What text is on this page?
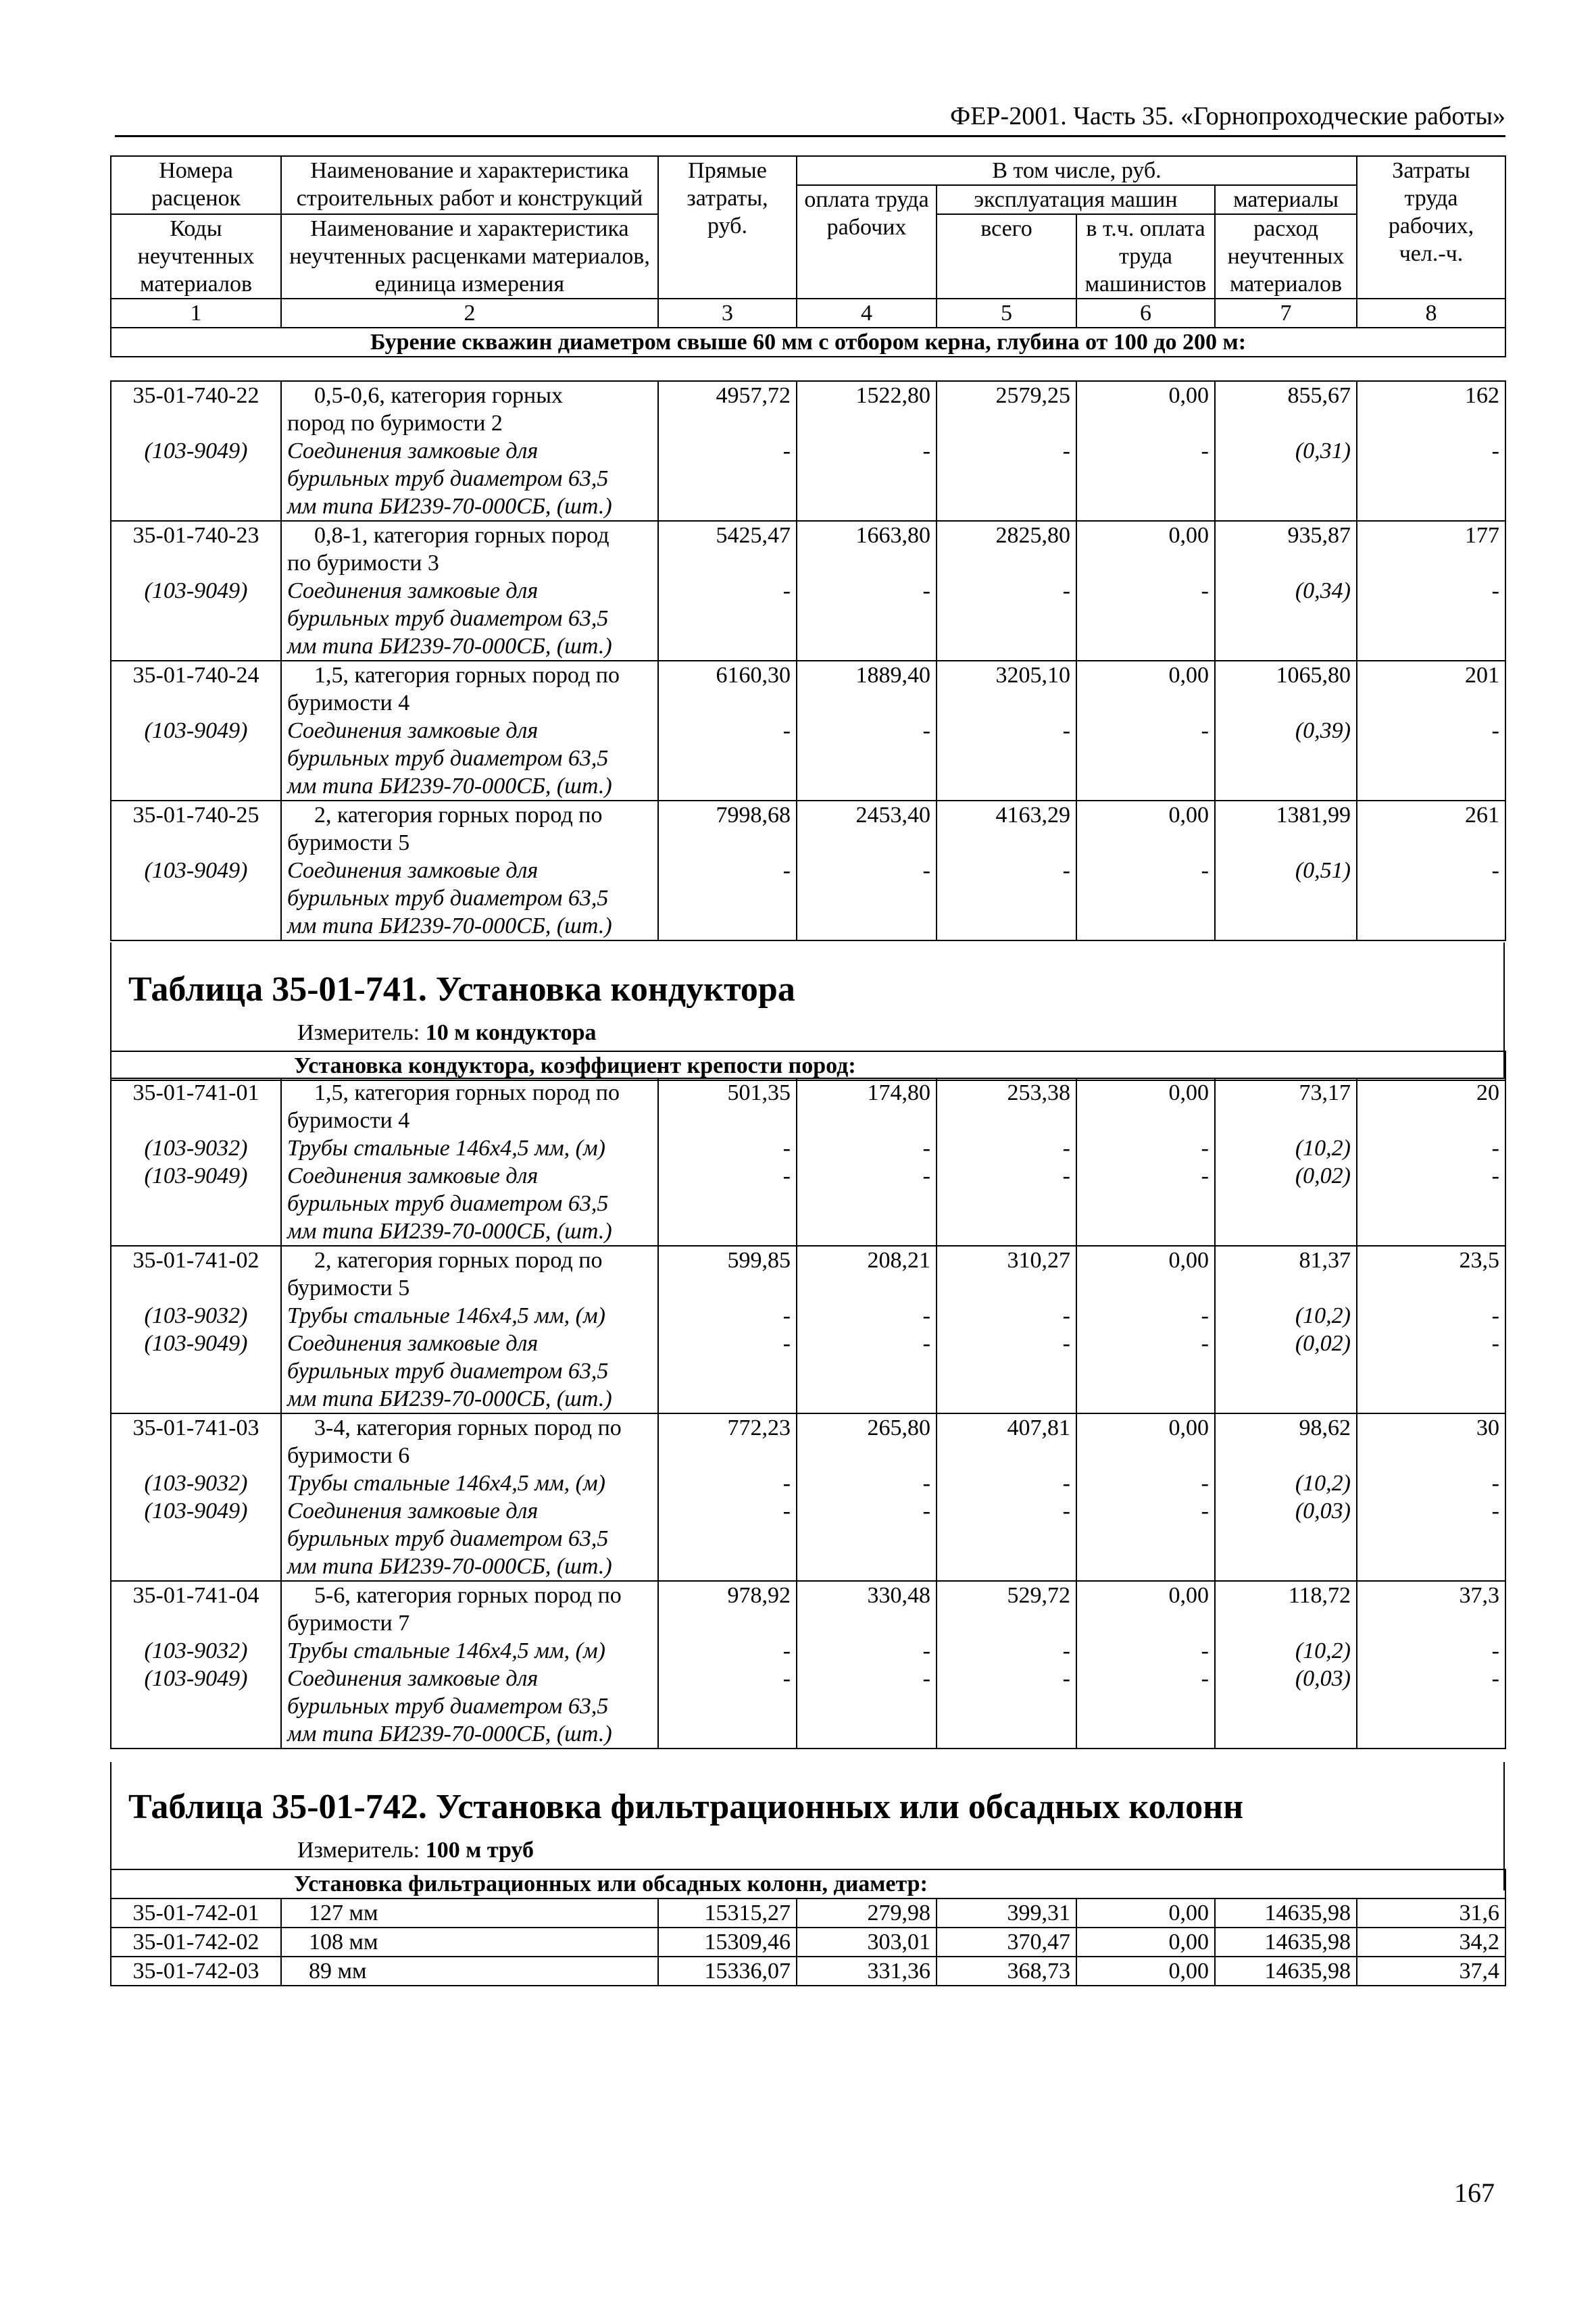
ФЕР-2001. Часть 35. «Горнопроходческие работы»
Номера расценок	Наименование и характеристика строительных работ и конструкций	Прямые затраты, руб.	В том числе, руб.				Затраты труда рабочих, чел.-ч.
			оплата труда рабочих	эксплуатация машин		материалы	
Коды неучтенных материалов	Наименование и характеристика неучтенных расценками материалов, единица измерения			всего	в т.ч. оплата труда машинистов	расход неучтенных материалов	

1	2	3	4	5	6	7	8
Бурение скважин диаметром свыше 60 мм с отбором керна, глубина от 100 до 200 м:							
35-01-740-22	0,5-0,6, категория горных	4957,72	1522,80	2579,25	0,00	855,67	162
	пород по буримости 2						
(103-9049)	Соединения замковые для	-	-	-	-	(0,31)	-
	бурильных труб диаметром 63,5						
	мм типа БИ239-70-000СБ, (шт.)						
35-01-740-23	0,8-1, категория горных пород	5425,47	1663,80	2825,80	0,00	935,87	177
	по буримости 3						
(103-9049)	Соединения замковые для	-	-	-	-	(0,34)	-
	бурильных труб диаметром 63,5						
	мм типа БИ239-70-000СБ, (шт.)						
35-01-740-24	1,5, категория горных пород по	6160,30	1889,40	3205,10	0,00	1065,80	201
	буримости 4						
(103-9049)	Соединения замковые для	-	-	-	-	(0,39)	-
	бурильных труб диаметром 63,5						
	мм типа БИ239-70-000СБ, (шт.)						
35-01-740-25	2, категория горных пород по	7998,68	2453,40	4163,29	0,00	1381,99	261
	буримости 5						
(103-9049)	Соединения замковые для	-	-	-	-	(0,51)	-
	бурильных труб диаметром 63,5						
	мм типа БИ239-70-000СБ, (шт.)						
Таблица 35-01-741. Установка кондуктора
Измеритель: 10 м кондуктора
Установка кондуктора, коэффициент крепости пород:
35-01-741-01	1,5, категория горных пород по	501,35	174,80	253,38	0,00	73,17	20
	буримости 4						
(103-9032)	Трубы стальные 146х4,5 мм, (м)	-	-	-	-	(10,2)	-
(103-9049)	Соединения замковые для	-	-	-	-	(0,02)	-
	бурильных труб диаметром 63,5						
	мм типа БИ239-70-000СБ, (шт.)						
35-01-741-02	2, категория горных пород по	599,85	208,21	310,27	0,00	81,37	23,5
	буримости 5						
(103-9032)	Трубы стальные 146х4,5 мм, (м)	-	-	-	-	(10,2)	-
(103-9049)	Соединения замковые для	-	-	-	-	(0,02)	-
	бурильных труб диаметром 63,5						
	мм типа БИ239-70-000СБ, (шт.)						
35-01-741-03	3-4, категория горных пород по	772,23	265,80	407,81	0,00	98,62	30
	буримости 6						
(103-9032)	Трубы стальные 146х4,5 мм, (м)	-	-	-	-	(10,2)	-
(103-9049)	Соединения замковые для	-	-	-	-	(0,03)	-
	бурильных труб диаметром 63,5						
	мм типа БИ239-70-000СБ, (шт.)						
35-01-741-04	5-6, категория горных пород по	978,92	330,48	529,72	0,00	118,72	37,3
	буримости 7						
(103-9032)	Трубы стальные 146х4,5 мм, (м)	-	-	-	-	(10,2)	-
(103-9049)	Соединения замковые для	-	-	-	-	(0,03)	-
	бурильных труб диаметром 63,5						
	мм типа БИ239-70-000СБ, (шт.)						
Таблица 35-01-742. Установка фильтрационных или обсадных колонн
Измеритель: 100 м труб
Установка фильтрационных или обсадных колонн, диаметр:							
35-01-742-01	127 мм	15315,27	279,98	399,31	0,00	14635,98	31,6
35-01-742-02	108 мм	15309,46	303,01	370,47	0,00	14635,98	34,2
35-01-742-03	89 мм	15336,07	331,36	368,73	0,00	14635,98	37,4
167
